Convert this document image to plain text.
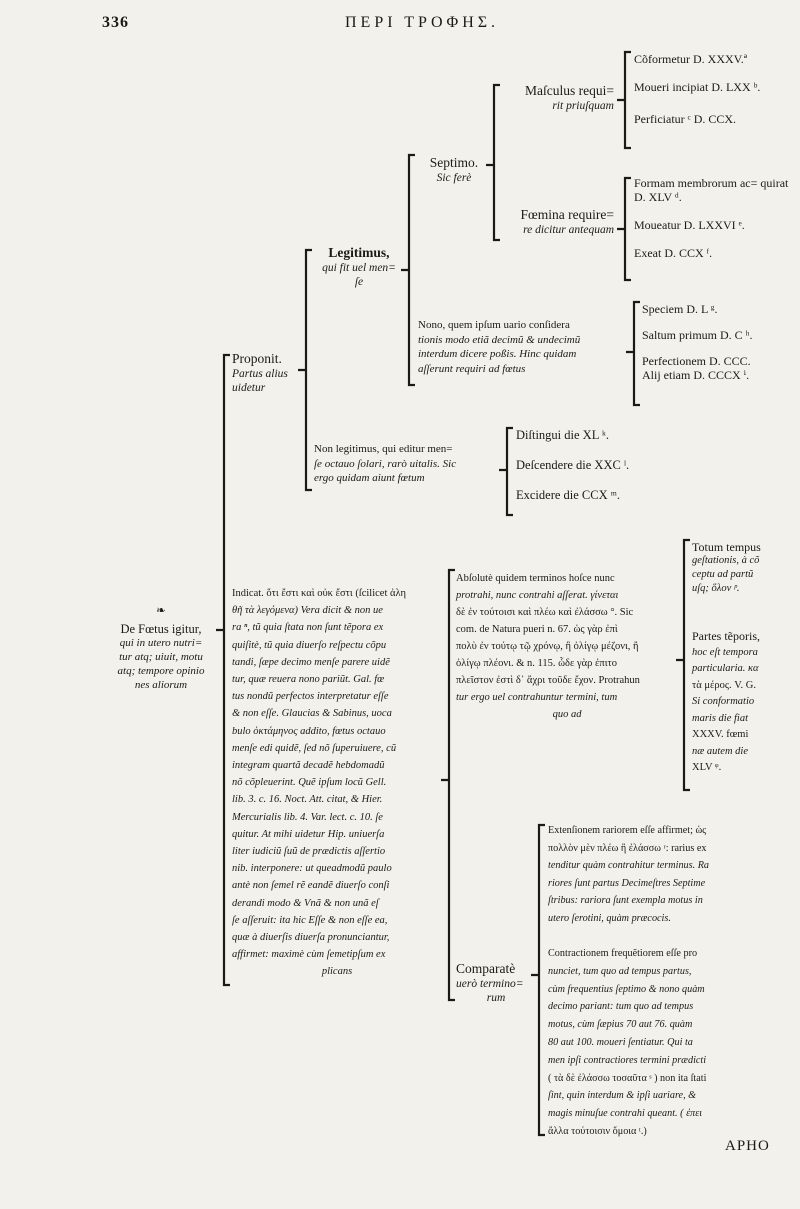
336	ΠΕΡΙ ΤΡΟΦΗΣ.
❧
De Fœtus igitur,
qui in utero nutri=
tur atq; uiuit, motu
atq; tempore opinio
nes aliorum
Proponit.
Partus alius
uidetur
Legitimus,
qui fit uel men=
ſe
Septimo.
Sic ferè
Maſculus requi=
rit priuſquam
Cõformetur D. XXXV.ª
Moueri incipiat D. LXX ᵇ.
Perficiatur ᶜ D. CCX.
Fœmina require=
re dicitur antequam
Formam membrorum ac= quirat D. XLV ᵈ.
Moueatur D. LXXVI ᵉ.
Exeat D. CCX ᶠ.
Nono, quem ipſum uario conſidera
tionis modo etiã decimũ & undecimũ
interdum dicere poßis. Hinc quidam
aſſerunt requiri ad fœtus
Speciem D. L ᵍ.
Saltum primum D. C ʰ.
Perfectionem D. CCC.
Alij etiam D. CCCX ⁱ.
Non legitimus, qui editur men=
ſe octauo ſolari, rarò uitalis. Sic
ergo quidam aiunt fœtum
Diſtingui die XL ᵏ.
Deſcendere die XXC ˡ.
Excidere die CCX ᵐ.
Indicat. ὅτι ἔστι καὶ οὐκ ἔστι (ſcilicet ἀλη
θῆ τὰ λεγόμενα) Vera dicit & non ue
ra ⁿ, tũ quia ſtata non ſunt tẽpora ex
quiſitè, tũ quia diuerſo reſpectu cõpu
tandi, ſæpe decimo menſe parere uidẽ
tur, quæ reuera nono pariũt. Gal. fœ
tus nondũ perfectos interpretatur eſſe
& non eſſe. Glaucias & Sabinus, uoca
bulo ὀκτάμηνος addito, fœtus octauo
menſe edi quidẽ, ſed nõ ſuperuiuere, cũ
integram quartã decadẽ hebdomadũ
nõ cõpleuerint. Quẽ ipſum locũ Gell.
lib. 3. c. 16. Noct. Att. citat, & Hier.
Mercurialis lib. 4. Var. lect. c. 10. ſe
quitur. At mihi uidetur Hip. uniuerſa
liter iudiciũ ſuũ de prædictis aſſertio
nib. interponere: ut queadmodũ paulo
antè non ſemel rẽ eandẽ diuerſo conſi
derandi modo & Vnã & non unã eſ
ſe aſſeruit: ita hic Eſſe & non eſſe ea,
quæ à diuerſis diuerſa pronunciantur,
affirmet: maximè cùm ſemetipſum ex
plicans
Abſolutè quidem terminos hoſce nunc
protrahi, nunc contrahi aſſerat. γίνεται
δὲ ἐν τούτοισι καὶ πλέω καὶ ἐλάσσω °. Sic
com. de Natura pueri n. 67. ὡς γὰρ ἐπὶ
πολὺ ἐν τούτῳ τῷ χρόνῳ, ἢ ὀλίγῳ μέζονι, ἢ
ὀλίγῳ πλέονι. & n. 115. ὧδε γὰρ ἐπιτο
πλεῖστον ἐστὶ δ᾽ ἄχρι τοῦδε ἔχον. Protrahun
tur ergo uel contrahuntur termini, tum
quo ad
Totum tempus
geſtationis, à cõ
ceptu ad partũ
uſq; ὅλον ᵖ.
Partes tẽporis,
hoc eſt tempora
particularia. κα
τὰ μέρος. V. G.
Si conformatio
maris die fiat
XXXV. fœmi
næ autem die
XLV ᵠ.
Comparatè
uerò termino=
rum
Extenſionem rariorem eſſe affirmet; ὡς
πολλὸν μὲν πλέω ἢ ἐλάσσω ʳ: rarius ex
tenditur quàm contrahitur terminus. Ra
riores ſunt partus Decimeſtres Septime
ſtribus: rariora ſunt exempla motus in
utero ſerotini, quàm præcocis.
Contractionem frequẽtiorem eſſe pro
nunciet, tum quo ad tempus partus,
cùm frequentius ſeptimo & nono quàm
decimo pariant: tum quo ad tempus
motus, cùm ſæpius 70 aut 76. quàm
80 aut 100. moueri ſentiatur. Qui ta
men ipſi contractiores termini prædicti
( τὰ δὲ ἐλάσσω τοσαῦτα ˢ ) non ita ſtati
ſint, quin interdum & ipſi uariare, &
magis minuſue contrahi queant. ( ἐπει
ἄλλα τούτοισιν ὅμοια ᵗ.)
APHO
